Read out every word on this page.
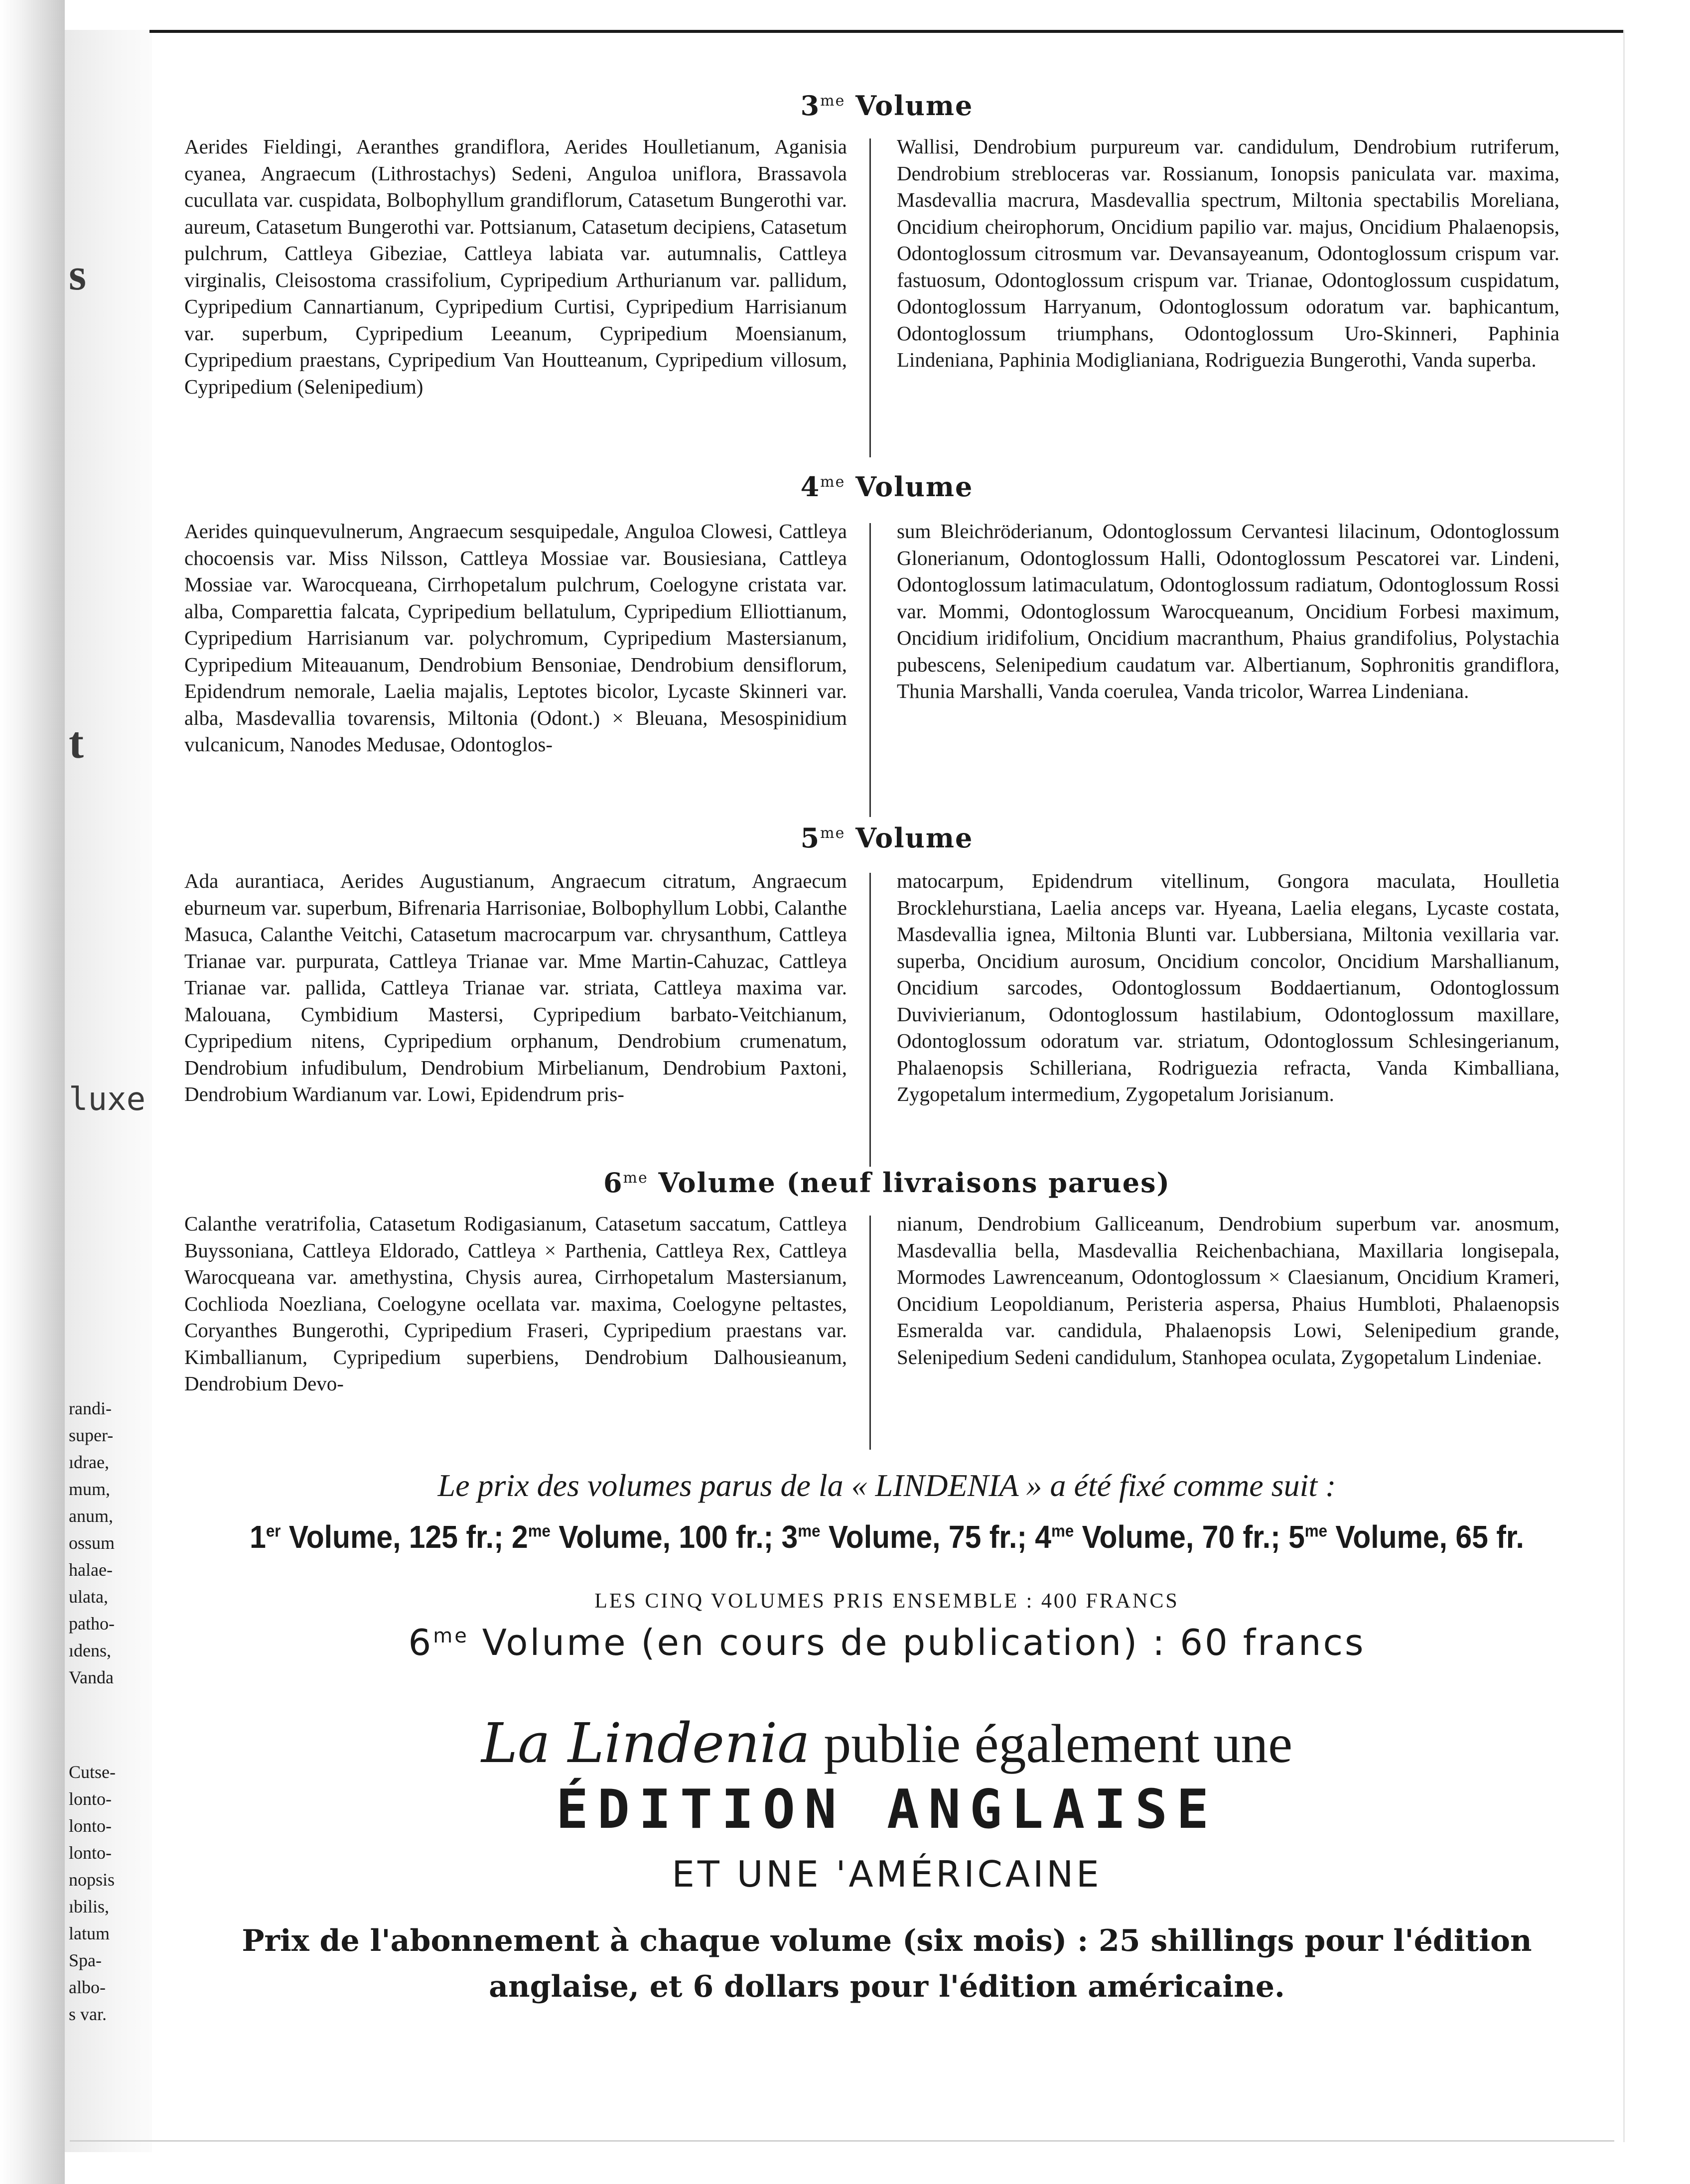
s
t
luxe
randi-
super-
ıdrae,
mum,
anum,
ossum
halae-
ulata,
patho-
ıdens,
Vanda
Cutse-
lonto-
lonto-
lonto-
nopsis
ıbilis,
latum
Spa-
albo-
s var.
$3^{me}$ Volume
Aerides Fieldingi, Aeranthes grandiflora, Aerides Houlletianum, Aganisia cyanea, Angraecum (Lithrostachys) Sedeni, Anguloa uniflora, Brassavola cucullata var. cuspidata, Bolbophyllum grandiflorum, Catasetum Bungerothi var. aureum, Catasetum Bungerothi var. Pottsianum, Catasetum decipiens, Catasetum pulchrum, Cattleya Gibeziae, Cattleya labiata var. autumnalis, Cattleya virginalis, Cleisostoma crassifolium, Cypripedium Arthurianum var. pallidum, Cypripedium Cannartianum, Cypripedium Curtisi, Cypripedium Harrisianum var. superbum, Cypripedium Leeanum, Cypripedium Moensianum, Cypripedium praestans, Cypripedium Van Houtteanum, Cypripedium villosum, Cypripedium (Selenipedium)
Wallisi, Dendrobium purpureum var. candidulum, Dendrobium rutriferum, Dendrobium strebloceras var. Rossianum, Ionopsis paniculata var. maxima, Masdevallia macrura, Masdevallia spectrum, Miltonia spectabilis Moreliana, Oncidium cheirophorum, Oncidium papilio var. majus, Oncidium Phalaenopsis, Odontoglossum citrosmum var. Devansayeanum, Odontoglossum crispum var. fastuosum, Odontoglossum crispum var. Trianae, Odontoglossum cuspidatum, Odontoglossum Harryanum, Odontoglossum odoratum var. baphicantum, Odontoglossum triumphans, Odontoglossum Uro-Skinneri, Paphinia Lindeniana, Paphinia Modiglianiana, Rodriguezia Bungerothi, Vanda superba.
$4^{me}$ Volume
Aerides quinquevulnerum, Angraecum sesquipedale, Anguloa Clowesi, Cattleya chocoensis var. Miss Nilsson, Cattleya Mossiae var. Bousiesiana, Cattleya Mossiae var. Warocqueana, Cirrhopetalum pulchrum, Coelogyne cristata var. alba, Comparettia falcata, Cypripedium bellatulum, Cypripedium Elliottianum, Cypripedium Harrisianum var. polychromum, Cypripedium Mastersianum, Cypripedium Miteauanum, Dendrobium Bensoniae, Dendrobium densiflorum, Epidendrum nemorale, Laelia majalis, Leptotes bicolor, Lycaste Skinneri var. alba, Masdevallia tovarensis, Miltonia (Odont.) × Bleuana, Mesospinidium vulcanicum, Nanodes Medusae, Odontoglos-
sum Bleichröderianum, Odontoglossum Cervantesi lilacinum, Odontoglossum Glonerianum, Odontoglossum Halli, Odontoglossum Pescatorei var. Lindeni, Odontoglossum latimaculatum, Odontoglossum radiatum, Odontoglossum Rossi var. Mommi, Odontoglossum Warocqueanum, Oncidium Forbesi maximum, Oncidium iridifolium, Oncidium macranthum, Phaius grandifolius, Polystachia pubescens, Selenipedium caudatum var. Albertianum, Sophronitis grandiflora, Thunia Marshalli, Vanda coerulea, Vanda tricolor, Warrea Lindeniana.
$5^{me}$ Volume
Ada aurantiaca, Aerides Augustianum, Angraecum citratum, Angraecum eburneum var. superbum, Bifrenaria Harrisoniae, Bolbophyllum Lobbi, Calanthe Masuca, Calanthe Veitchi, Catasetum macrocarpum var. chrysanthum, Cattleya Trianae var. purpurata, Cattleya Trianae var. Mme Martin-Cahuzac, Cattleya Trianae var. pallida, Cattleya Trianae var. striata, Cattleya maxima var. Malouana, Cymbidium Mastersi, Cypripedium barbato-Veitchianum, Cypripedium nitens, Cypripedium orphanum, Dendrobium crumenatum, Dendrobium infudibulum, Dendrobium Mirbelianum, Dendrobium Paxtoni, Dendrobium Wardianum var. Lowi, Epidendrum pris-
matocarpum, Epidendrum vitellinum, Gongora maculata, Houlletia Brocklehurstiana, Laelia anceps var. Hyeana, Laelia elegans, Lycaste costata, Masdevallia ignea, Miltonia Blunti var. Lubbersiana, Miltonia vexillaria var. superba, Oncidium aurosum, Oncidium concolor, Oncidium Marshallianum, Oncidium sarcodes, Odontoglossum Boddaertianum, Odontoglossum Duvivierianum, Odontoglossum hastilabium, Odontoglossum maxillare, Odontoglossum odoratum var. striatum, Odontoglossum Schlesingerianum, Phalaenopsis Schilleriana, Rodriguezia refracta, Vanda Kimballiana, Zygopetalum intermedium, Zygopetalum Jorisianum.
$6^{me}$ Volume (neuf livraisons parues)
Calanthe veratrifolia, Catasetum Rodigasianum, Catasetum saccatum, Cattleya Buyssoniana, Cattleya Eldorado, Cattleya × Parthenia, Cattleya Rex, Cattleya Warocqueana var. amethystina, Chysis aurea, Cirrhopetalum Mastersianum, Cochlioda Noezliana, Coelogyne ocellata var. maxima, Coelogyne peltastes, Coryanthes Bungerothi, Cypripedium Fraseri, Cypripedium praestans var. Kimballianum, Cypripedium superbiens, Dendrobium Dalhousieanum, Dendrobium Devo-
nianum, Dendrobium Galliceanum, Dendrobium superbum var. anosmum, Masdevallia bella, Masdevallia Reichenbachiana, Maxillaria longisepala, Mormodes Lawrenceanum, Odontoglossum × Claesianum, Oncidium Krameri, Oncidium Leopoldianum, Peristeria aspersa, Phaius Humbloti, Phalaenopsis Esmeralda var. candidula, Phalaenopsis Lowi, Selenipedium grande, Selenipedium Sedeni candidulum, Stanhopea oculata, Zygopetalum Lindeniae.
Le prix des volumes parus de la « LINDENIA » a été fixé comme suit :
1er Volume, 125 fr.; $2^{me}$ Volume, 100 fr.; $3^{me}$ Volume, 75 fr.; $4^{me}$ Volume, 70 fr.; $5^{me}$ Volume, 65 fr.
LES CINQ VOLUMES PRIS ENSEMBLE : 400 FRANCS
$6^{me}$ Volume (en cours de publication) : 60 francs
La Lindenia publie également une
ÉDITION ANGLAISE
ET UNE 'AMÉRICAINE
Prix de l'abonnement à chaque volume (six mois) : 25 shillings pour l'édition anglaise, et 6 dollars pour l'édition américaine.
